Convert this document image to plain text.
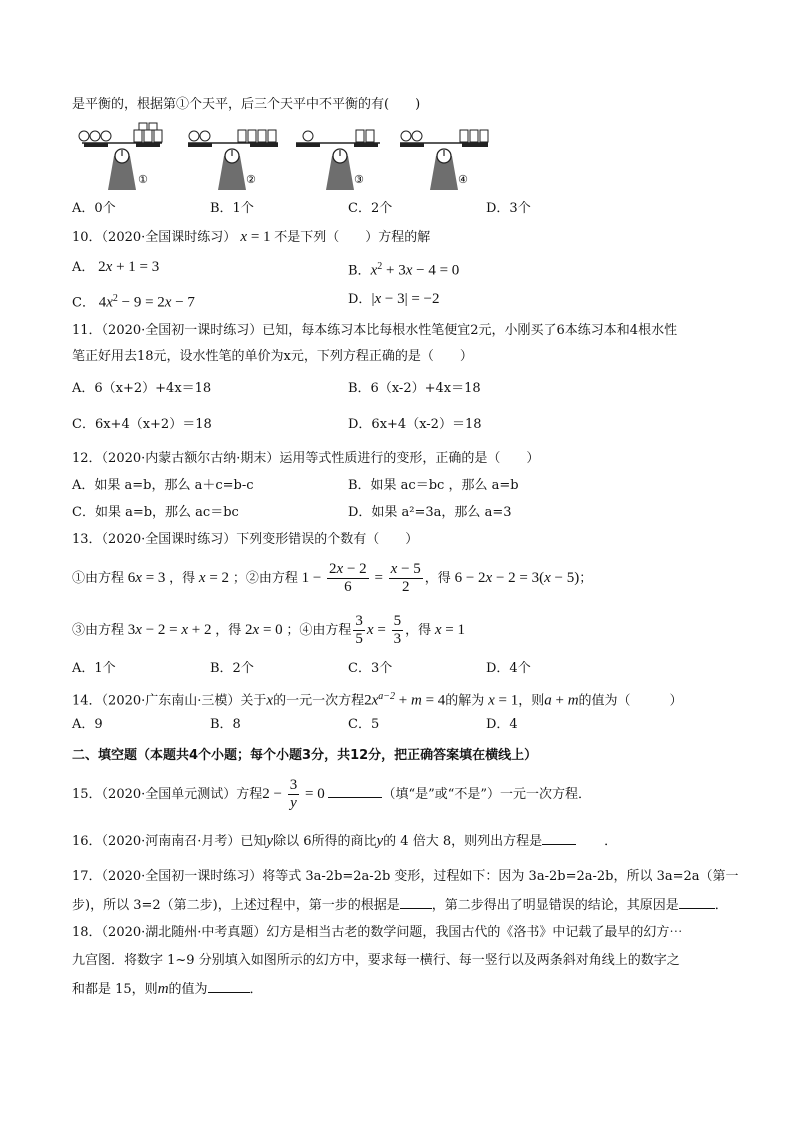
是平衡的，根据第①个天平，后三个天平中不平衡的有(　　)
①	②	③	④
A．0个	B．1个	C．2个	D．3个
10．（2020·全国课时练习） x = 1 不是下列（　　）方程的解
A． 2x + 1 = 3	B．$x^2 + 3x - 4 = 0$
C． $4x^2 - 9 = 2x - 7$	D．|x − 3| = −2
11．（2020·全国初一课时练习）已知，每本练习本比每根水性笔便宜2元，小刚买了6本练习本和4根水性
笔正好用去18元，设水性笔的单价为x元，下列方程正确的是（　　）
A．6（x+2）+4x＝18	B．6（x-2）+4x＝18
C．6x+4（x+2）＝18	D．6x+4（x-2）＝18
12．（2020·内蒙古额尔古纳·期末）运用等式性质进行的变形，正确的是（　　）
A．如果 a=b，那么 a＋c=b-c	B．如果 ac＝bc ，那么 a=b
C．如果 a=b，那么 ac＝bc	D．如果 a²=3a，那么 a=3
13．（2020·全国课时练习）下列变形错误的个数有（　　）
①由方程 6x = 3 ，得 x = 2 ；②由方程 $1 - \frac{2x - 2}{6} = \frac{x - 5}{2}$ ，得 6 − 2x − 2 = 3(x − 5)；
③由方程 3x − 2 = x + 2 ，得 2x = 0 ；④由方程 $\frac{3}{5}$ $x = \frac{5}{3}$ ，得 x = 1
A．1个	B．2个	C．3个	D．4个
14．（2020·广东南山·三模）关于x的一元一次方程$2x^{a-2} + m = 4$的解为 x = 1，则a + m的值为（　　　）
A．9	B．8	C．5	D．4
二、填空题（本题共4个小题；每个小题3分，共12分，把正确答案填在横线上）
15．（2020·全国单元测试）方程$2 - \frac{3}{y} = 0$	（填“是”或“不是”）一元一次方程．
16．（2020·河南南召·月考）已知y除以 6所得的商比y的 4 倍大 8，则列出方程是	．
17．（2020·全国初一课时练习）将等式 3a-2b=2a-2b 变形，过程如下：因为 3a-2b=2a-2b，所以 3a=2a（第一
步)，所以 3=2（第二步)，上述过程中，第一步的根据是 ，第二步得出了明显错误的结论，其原因是	．
18．（2020·湖北随州·中考真题）幻方是相当古老的数学问题，我国古代的《洛书》中记载了最早的幻方⋯
九宫图．将数字 1~9 分别填入如图所示的幻方中，要求每一横行、每一竖行以及两条斜对角线上的数字之
和都是 15，则m的值为	．
